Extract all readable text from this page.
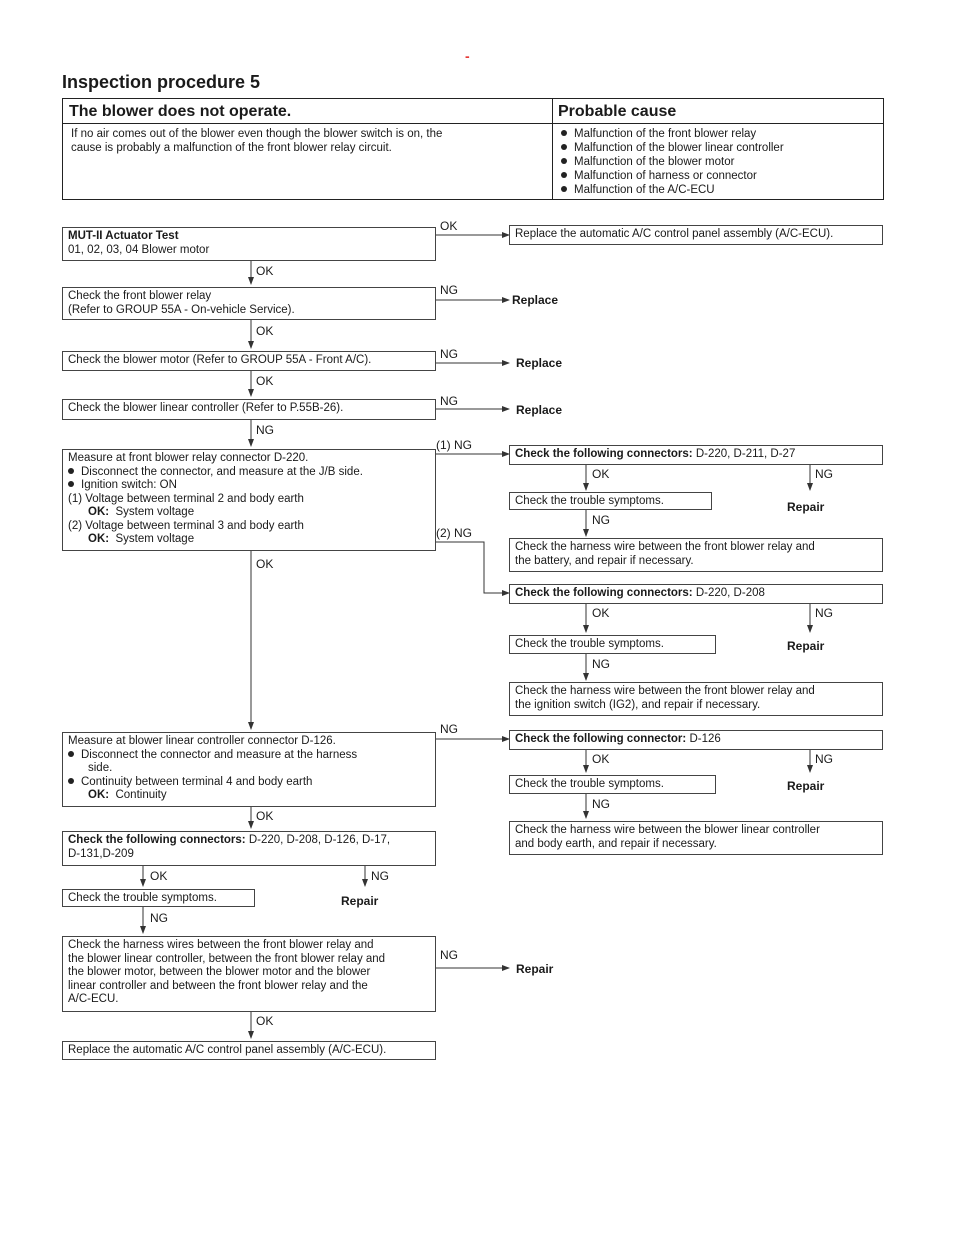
-
Inspection procedure 5
The blower does not operate.	Probable cause
If no air comes out of the blower even though the blower switch is on, the
cause is probably a malfunction of the front blower relay circuit.
Malfunction of the front blower relay
Malfunction of the blower linear controller
Malfunction of the blower motor
Malfunction of harness or connector
Malfunction of the A/C-ECU
MUT-II Actuator Test
01, 02, 03, 04 Blower motor
OK
Replace the automatic A/C control panel assembly (A/C-ECU).
OK
Check the front blower relay
(Refer to GROUP 55A - On-vehicle Service).
NG
Replace
OK
Check the blower motor (Refer to GROUP 55A - Front A/C).	NG
Replace
OK
Check the blower linear controller (Refer to P.55B-26).	NG
Replace
NG
Measure at front blower relay connector D-220.
Disconnect the connector, and measure at the J/B side.
Ignition switch: ON
(1) Voltage between terminal 2 and body earth
OK: System voltage
(2) Voltage between terminal 3 and body earth
OK: System voltage
(1) NG
(2) NG
OK
Check the following connectors: D-220, D-211, D-27
OK	NG
Check the trouble symptoms.	Repair
NG
Check the harness wire between the front blower relay and
the battery, and repair if necessary.
Check the following connectors: D-220, D-208
OK	NG
Check the trouble symptoms.	Repair
NG
Check the harness wire between the front blower relay and
the ignition switch (IG2), and repair if necessary.
Measure at blower linear controller connector D-126.
Disconnect the connector and measure at the harness
side.
Continuity between terminal 4 and body earth
OK: Continuity
NG
Check the following connector: D-126
OK	NG
Check the trouble symptoms.	Repair
NG
Check the harness wire between the blower linear controller
and body earth, and repair if necessary.
OK
Check the following connectors: D-220, D-208, D-126, D-17,
D-131,D-209
OK	NG
Check the trouble symptoms.	Repair
NG
Check the harness wires between the front blower relay and
the blower linear controller, between the front blower relay and
the blower motor, between the blower motor and the blower
linear controller and between the front blower relay and the
A/C-ECU.
NG
Repair
OK
Replace the automatic A/C control panel assembly (A/C-ECU).
